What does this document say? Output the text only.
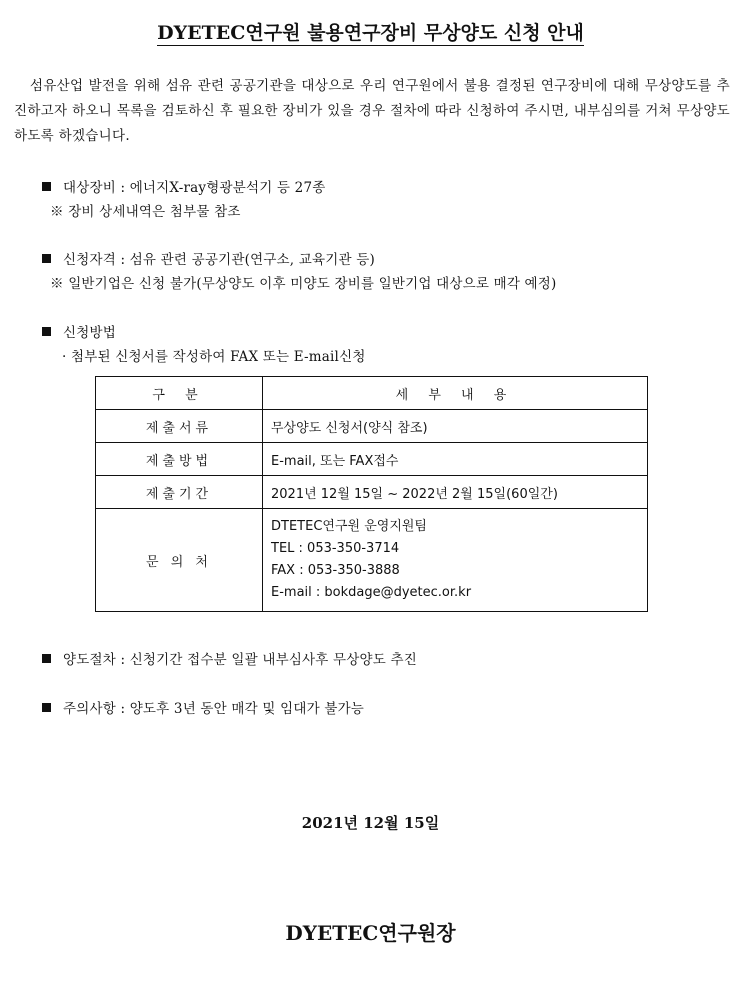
DYETEC연구원 불용연구장비 무상양도 신청 안내
섬유산업 발전을 위해 섬유 관련 공공기관을 대상으로 우리 연구원에서 불용 결정된 연구장비에 대해 무상양도를 추진하고자 하오니 목록을 검토하신 후 필요한 장비가 있을 경우 절차에 따라 신청하여 주시면, 내부심의를 거쳐 무상양도 하도록 하겠습니다.
대상장비 : 에너지X-ray형광분석기 등 27종
※ 장비 상세내역은 첨부물 참조
신청자격 : 섬유 관련 공공기관(연구소, 교육기관 등)
※ 일반기업은 신청 불가(무상양도 이후 미양도 장비를 일반기업 대상으로 매각 예정)
신청방법
· 첨부된 신청서를 작성하여 FAX 또는 E-mail신청
구 분	세 부 내 용
제출서류	무상양도 신청서(양식 참조)
제출방법	E-mail, 또는 FAX접수
제출기간	2021년 12월 15일 ~ 2022년 2월 15일(60일간)
문 의 처	DTETEC연구원 운영지원팀
TEL : 053-350-3714
FAX : 053-350-3888
E-mail : bokdage@dyetec.or.kr
양도절차 : 신청기간 접수분 일괄 내부심사후 무상양도 추진
주의사항 : 양도후 3년 동안 매각 및 임대가 불가능
2021년 12월 15일
DYETEC연구원장
